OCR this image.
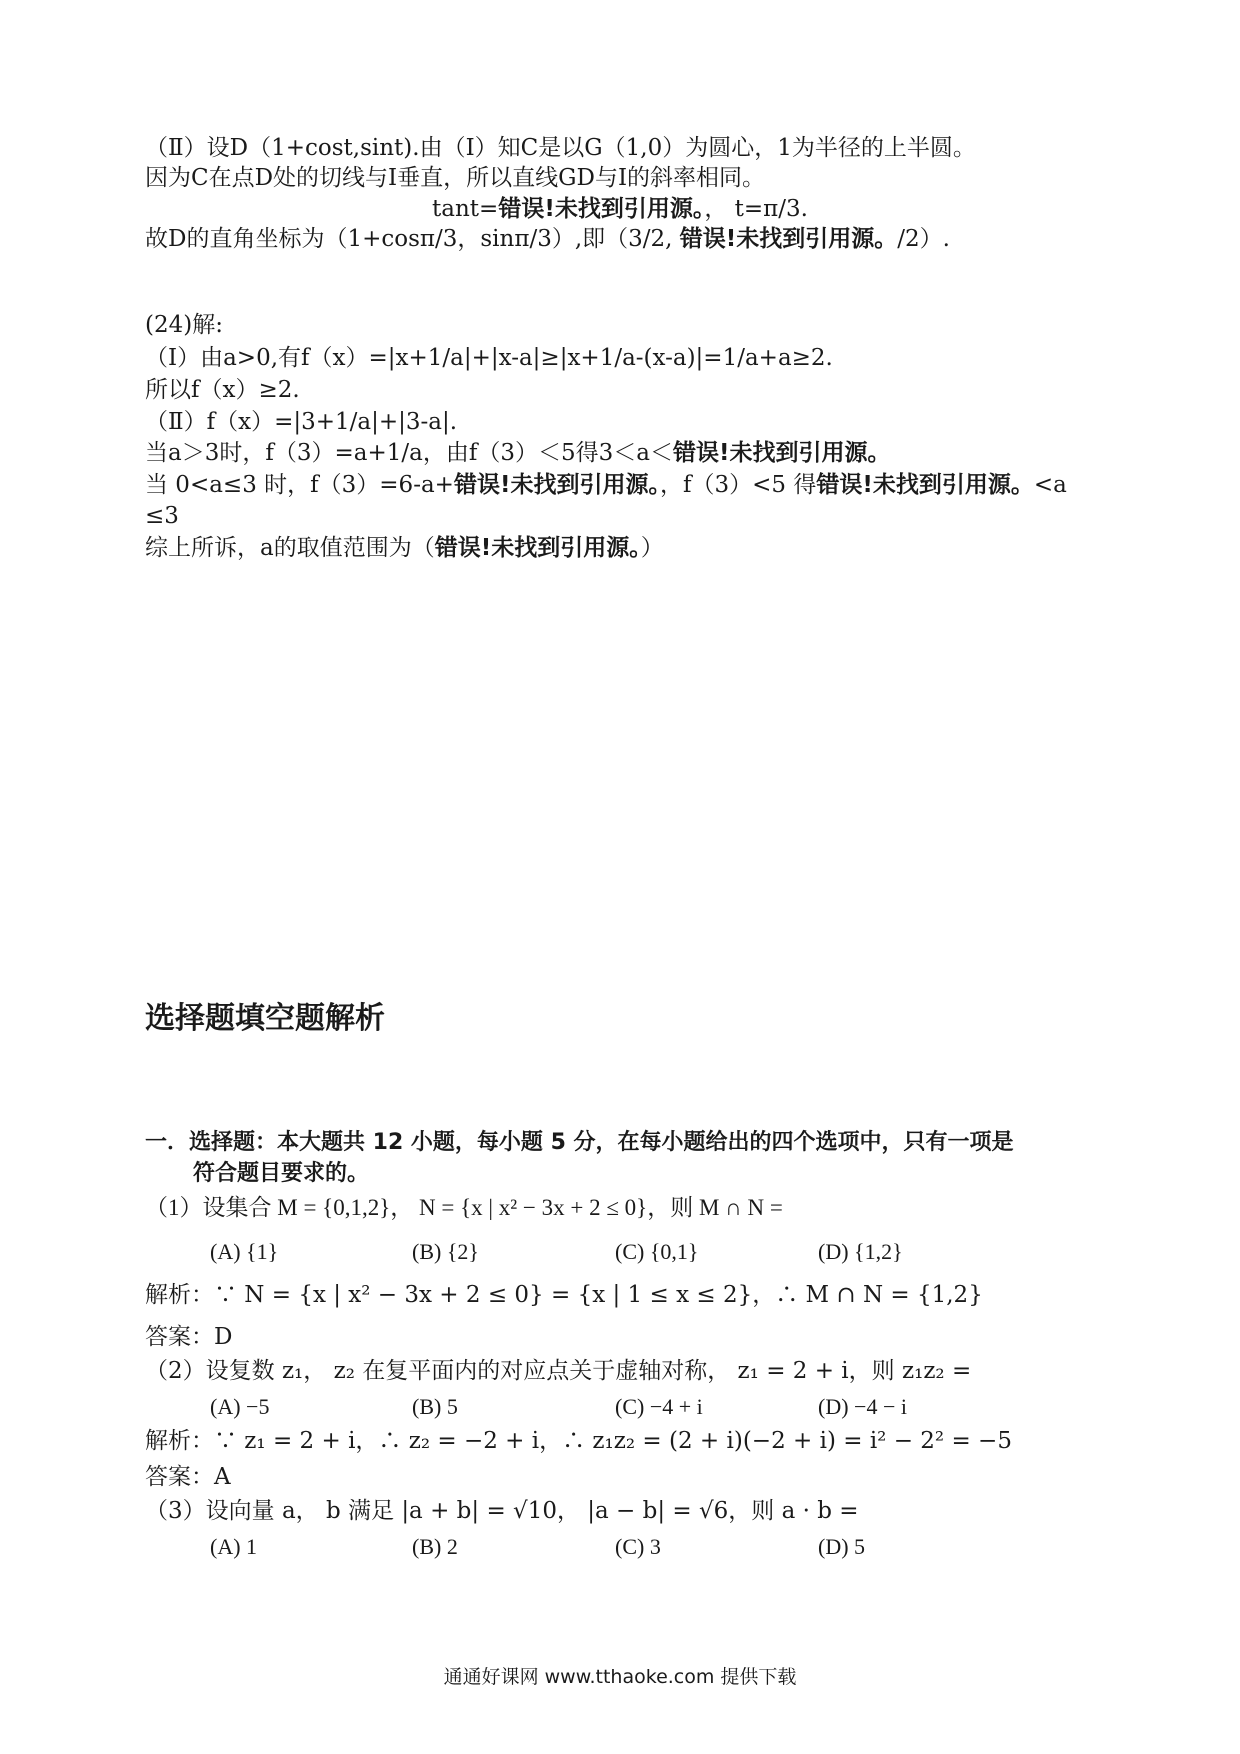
（Ⅱ）设D（1+cost,sint).由（Ⅰ）知C是以G（1,0）为圆心，1为半径的上半圆。
因为C在点D处的切线与I垂直，所以直线GD与I的斜率相同。
tant=错误!未找到引用源。， t=π/3.
故D的直角坐标为（1+cosπ/3，sinπ/3）,即（3/2, 错误!未找到引用源。/2）.
(24)解:
（Ⅰ）由a>0,有f（x）=|x+1/a|+|x-a|≥|x+1/a-(x-a)|=1/a+a≥2.
所以f（x）≥2.
（Ⅱ）f（x）=|3+1/a|+|3-a|.
当a＞3时，f（3）=a+1/a，由f（3）＜5得3＜a＜错误!未找到引用源。
当 0<a≤3 时，f（3）=6-a+错误!未找到引用源。，f（3）<5 得错误!未找到引用源。<a
≤3
综上所诉，a的取值范围为（错误!未找到引用源。）
选择题填空题解析
一．选择题：本大题共 12 小题，每小题 5 分，在每小题给出的四个选项中，只有一项是
符合题目要求的。
（1）设集合 M = {0,1,2}， N = {x | x² − 3x + 2 ≤ 0}，则 M ∩ N =
(A) {1}	(B) {2}	(C) {0,1}	(D) {1,2}
解析：∵ N = {x | x² − 3x + 2 ≤ 0} = {x | 1 ≤ x ≤ 2}，∴ M ∩ N = {1,2}
答案：D
（2）设复数 z₁， z₂ 在复平面内的对应点关于虚轴对称， z₁ = 2 + i，则 z₁z₂ =
(A) −5	(B) 5	(C) −4 + i	(D) −4 − i
解析：∵ z₁ = 2 + i，∴ z₂ = −2 + i，∴ z₁z₂ = (2 + i)(−2 + i) = i² − 2² = −5
答案：A
（3）设向量 a， b 满足 |a + b| = √10， |a − b| = √6，则 a · b =
(A) 1	(B) 2	(C) 3	(D) 5
通通好课网 www.tthaoke.com 提供下载
